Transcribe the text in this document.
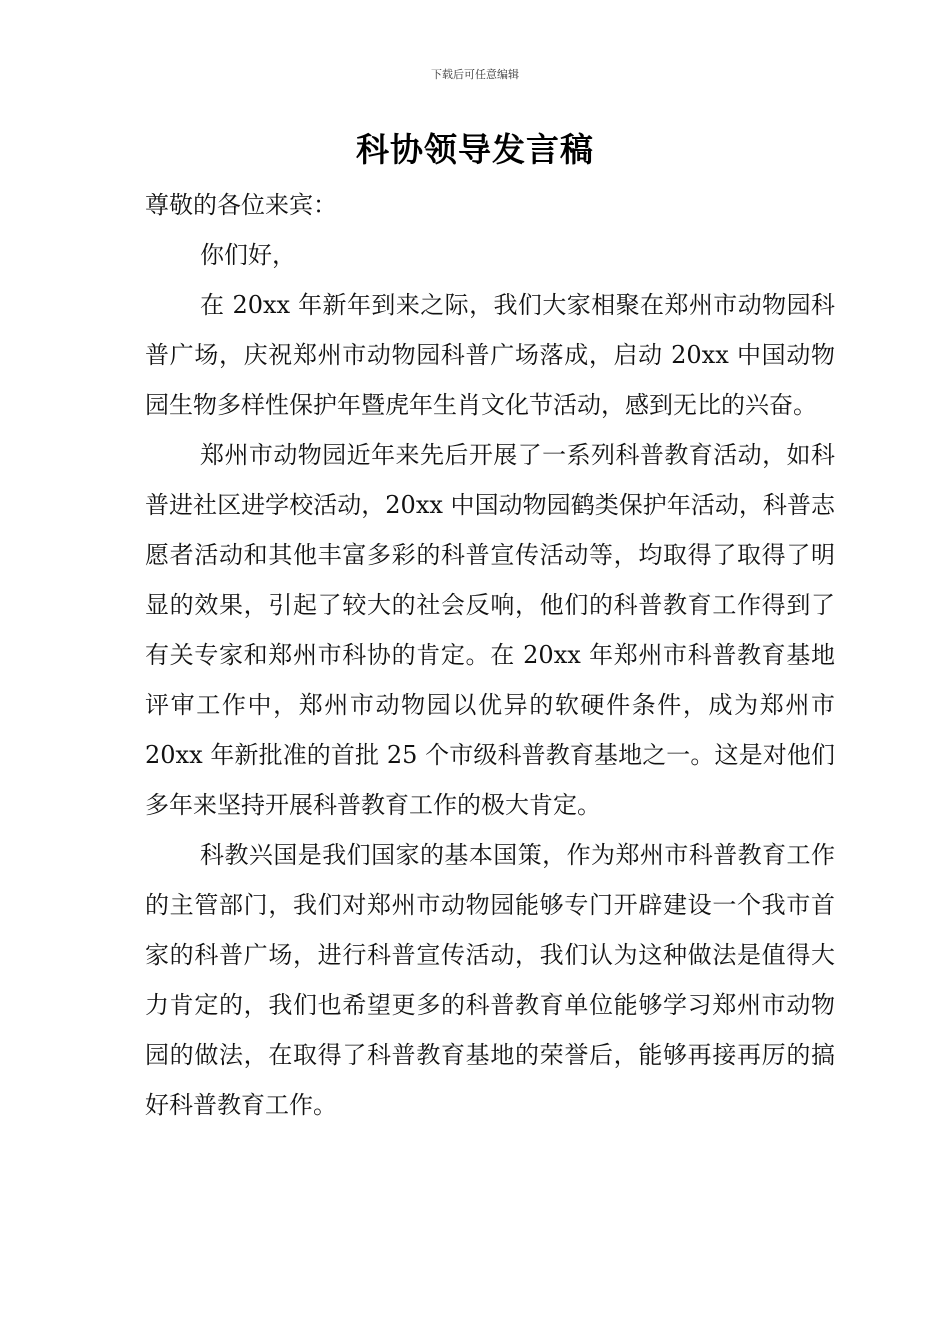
下载后可任意编辑
科协领导发言稿

尊敬的各位来宾：

你们好，

在 20xx 年新年到来之际，我们大家相聚在郑州市动物园科普广场，庆祝郑州市动物园科普广场落成，启动 20xx 中国动物园生物多样性保护年暨虎年生肖文化节活动，感到无比的兴奋。

郑州市动物园近年来先后开展了一系列科普教育活动，如科普进社区进学校活动，20xx 中国动物园鹤类保护年活动，科普志愿者活动和其他丰富多彩的科普宣传活动等，均取得了取得了明显的效果，引起了较大的社会反响，他们的科普教育工作得到了有关专家和郑州市科协的肯定。在 20xx 年郑州市科普教育基地评审工作中，郑州市动物园以优异的软硬件条件，成为郑州市 20xx 年新批准的首批 25 个市级科普教育基地之一。这是对他们多年来坚持开展科普教育工作的极大肯定。

科教兴国是我们国家的基本国策，作为郑州市科普教育工作的主管部门，我们对郑州市动物园能够专门开辟建设一个我市首家的科普广场，进行科普宣传活动，我们认为这种做法是值得大力肯定的，我们也希望更多的科普教育单位能够学习郑州市动物园的做法，在取得了科普教育基地的荣誉后，能够再接再厉的搞好科普教育工作。
